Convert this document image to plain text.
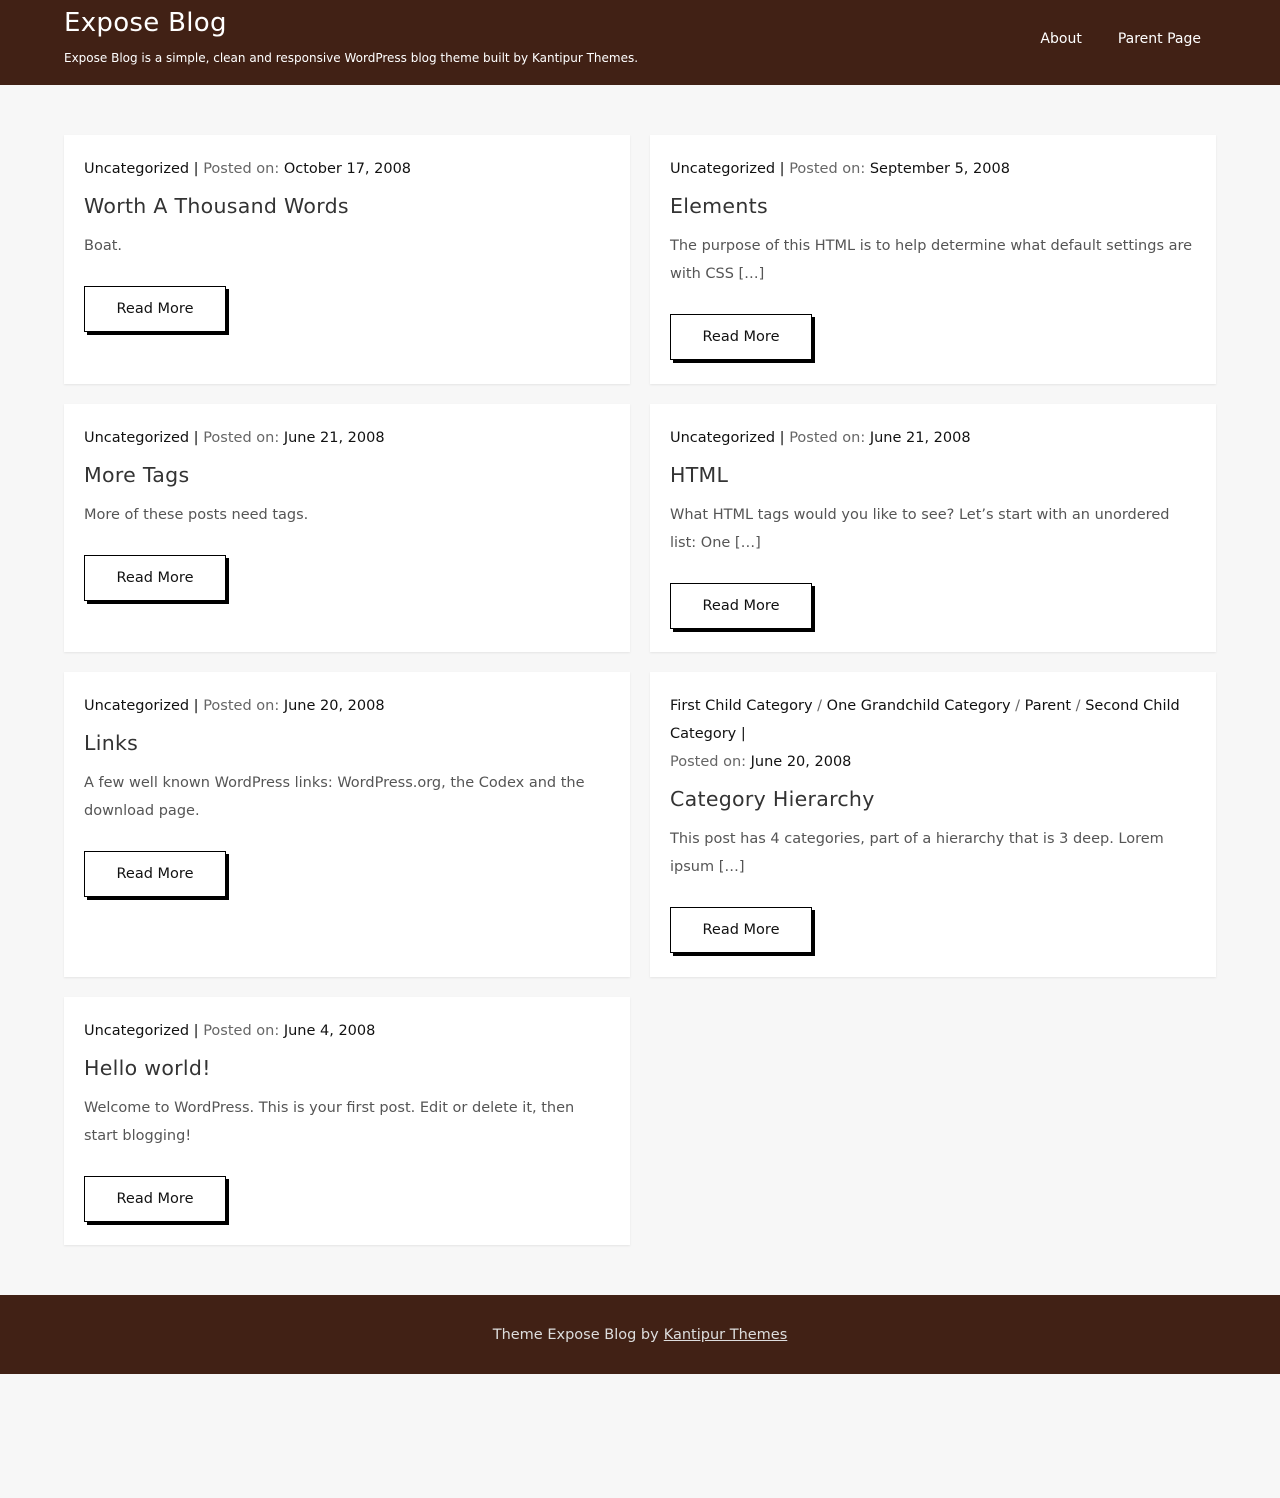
Expose Blog
Expose Blog is a simple, clean and responsive WordPress blog theme built by Kantipur Themes.
About	Parent Page
Uncategorized | Posted on: October 17, 2008
Worth A Thousand Words

Boat.

Read More
Uncategorized | Posted on: September 5, 2008
Elements

The purpose of this HTML is to help determine what default settings are with CSS […]

Read More
Uncategorized | Posted on: June 21, 2008
More Tags

More of these posts need tags.

Read More
Uncategorized | Posted on: June 21, 2008
HTML

What HTML tags would you like to see? Let’s start with an unordered list: One […]

Read More
Uncategorized | Posted on: June 20, 2008
Links

A few well known WordPress links: WordPress.org, the Codex and the download page.

Read More
First Child Category / One Grandchild Category / Parent / Second Child Category |
Posted on: June 20, 2008
Category Hierarchy

This post has 4 categories, part of a hierarchy that is 3 deep. Lorem ipsum […]

Read More
Uncategorized | Posted on: June 4, 2008
Hello world!

Welcome to WordPress. This is your first post. Edit or delete it, then start blogging!

Read More
Theme Expose Blog by Kantipur Themes
